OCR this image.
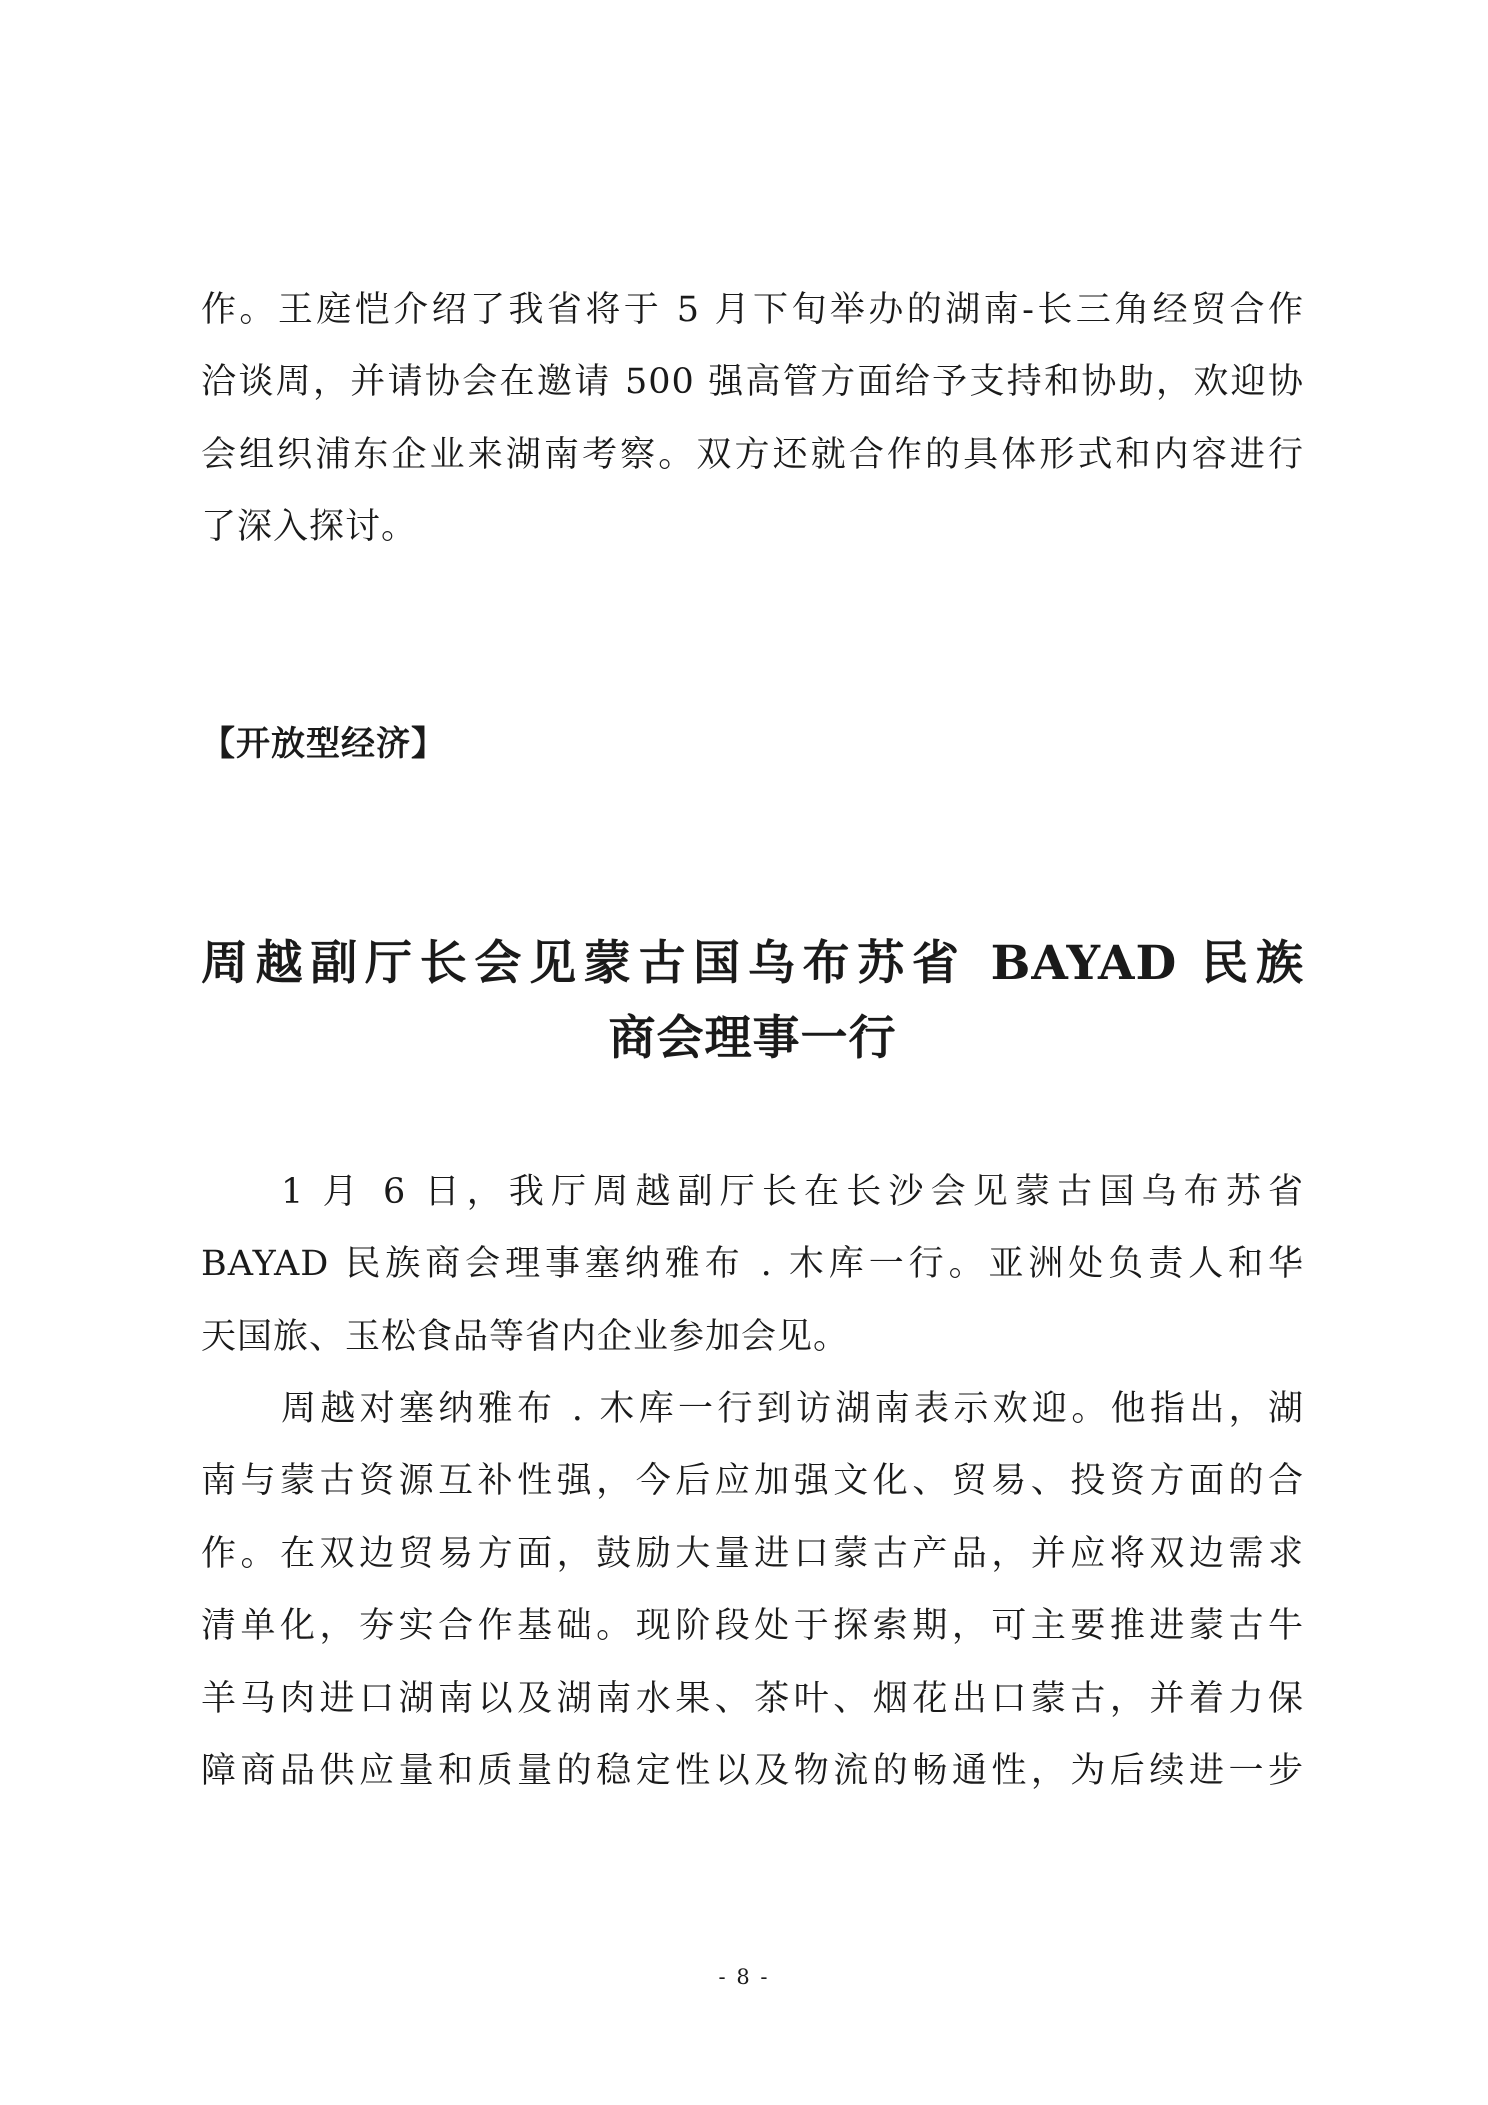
作。王庭恺介绍了我省将于 5 月下旬举办的湖南-长三角经贸合作
洽谈周，并请协会在邀请 500 强高管方面给予支持和协助，欢迎协
会组织浦东企业来湖南考察。双方还就合作的具体形式和内容进行
了深入探讨。
【开放型经济】
周越副厅长会见蒙古国乌布苏省 BAYAD 民族
商会理事一行
1 月 6 日，我厅周越副厅长在长沙会见蒙古国乌布苏省
BAYAD 民族商会理事塞纳雅布 . 木库一行。亚洲处负责人和华
天国旅、玉松食品等省内企业参加会见。
周越对塞纳雅布 . 木库一行到访湖南表示欢迎。他指出，湖
南与蒙古资源互补性强，今后应加强文化、贸易、投资方面的合
作。在双边贸易方面，鼓励大量进口蒙古产品，并应将双边需求
清单化，夯实合作基础。现阶段处于探索期，可主要推进蒙古牛
羊马肉进口湖南以及湖南水果、茶叶、烟花出口蒙古，并着力保
障商品供应量和质量的稳定性以及物流的畅通性，为后续进一步
- 8 -
